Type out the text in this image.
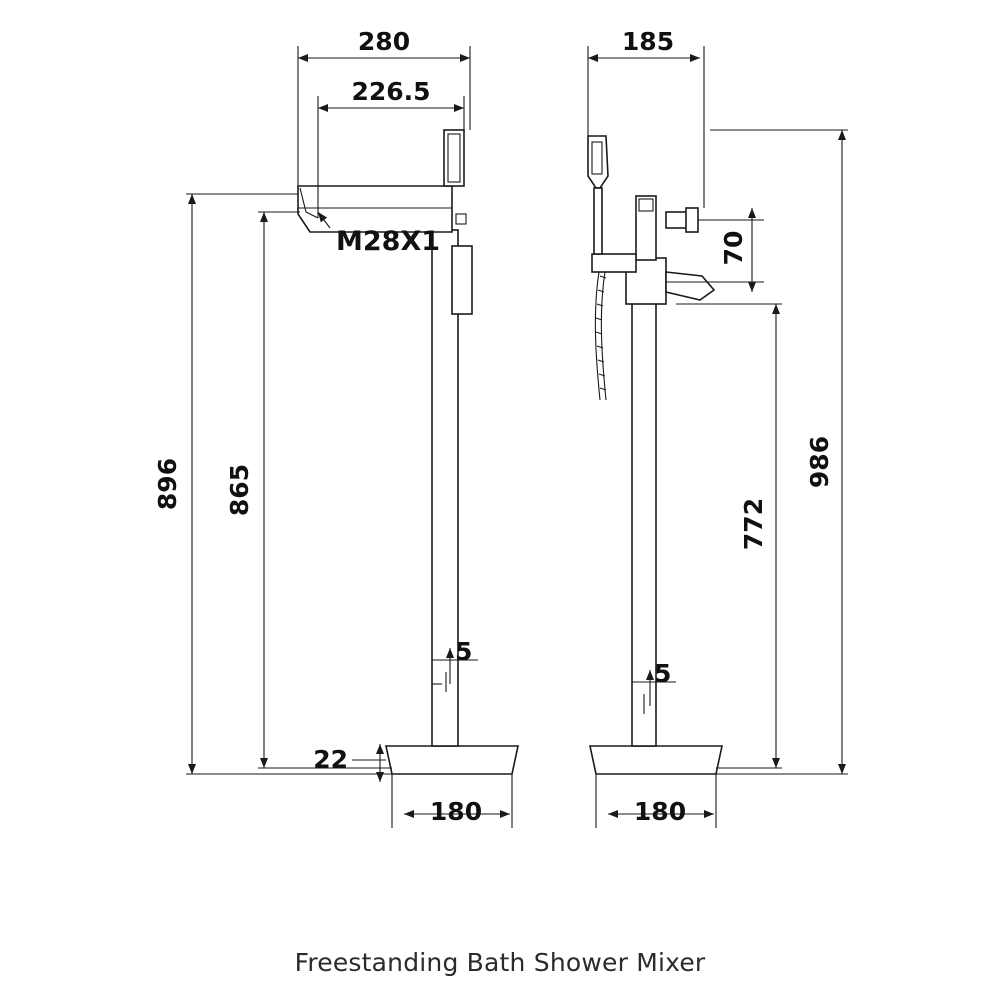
280
226.5
M28X1
896 865
5
22
180
185
70
986
772
5
180
Freestanding Bath Shower Mixer
